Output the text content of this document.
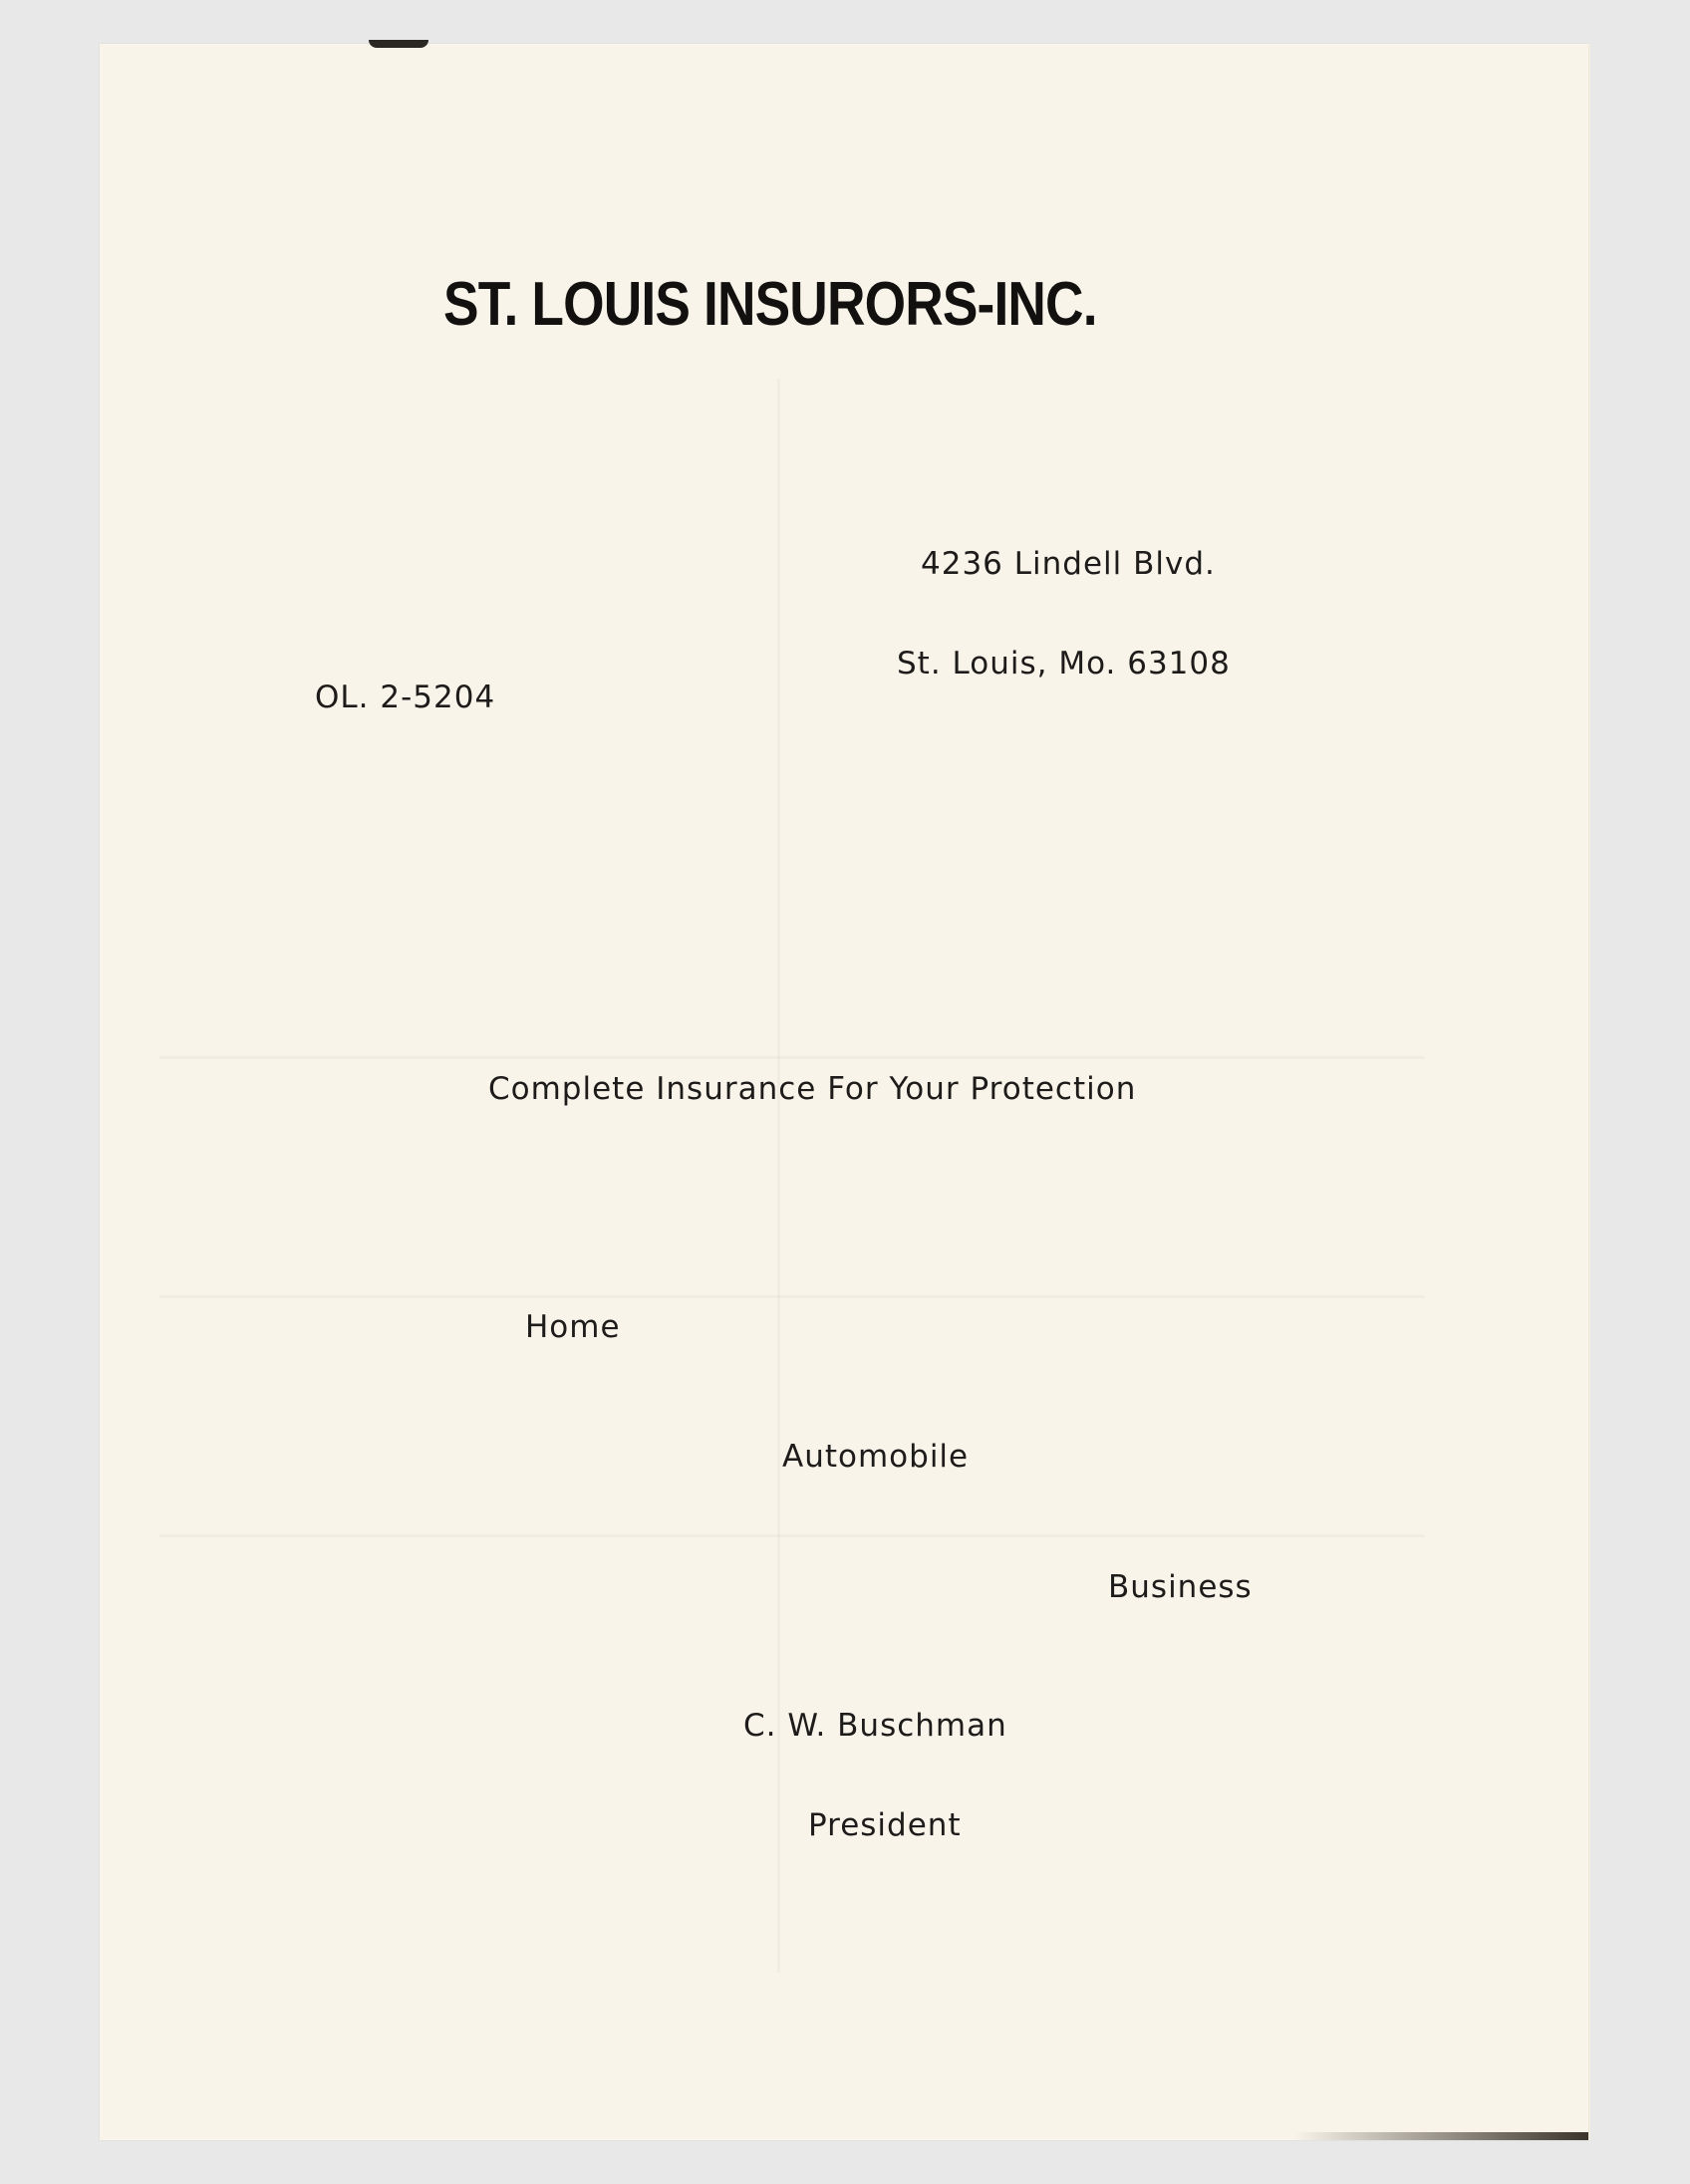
ST. LOUIS INSURORS-INC.
4236 Lindell Blvd.
St. Louis, Mo. 63108
OL. 2-5204
Complete Insurance For Your Protection
Home
Automobile
Business
C. W. Buschman
President
